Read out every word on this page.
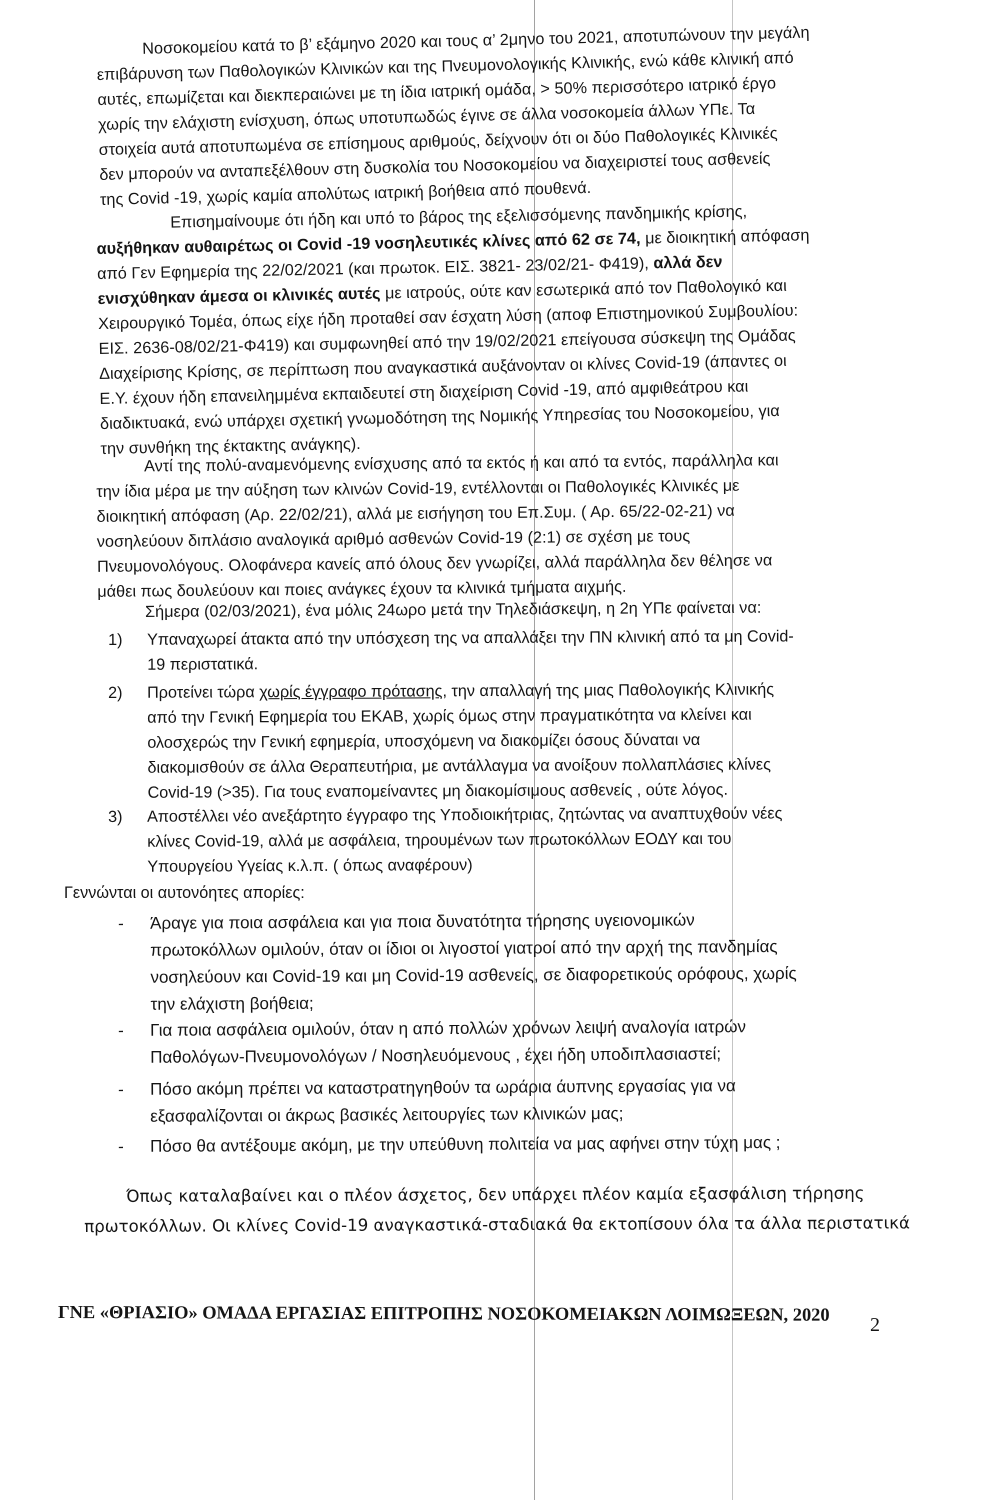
Νοσοκομείου κατά το β’ εξάμηνο 2020 και τους α’ 2μηνο του 2021, αποτυπώνουν την μεγάλη
επιβάρυνση των Παθολογικών Κλινικών και της Πνευμονολογικής Κλινικής, ενώ κάθε κλινική από
αυτές, επωμίζεται και διεκπεραιώνει με τη ίδια ιατρική ομάδα, > 50% περισσότερο ιατρικό έργο
χωρίς την ελάχιστη ενίσχυση, όπως υποτυπωδώς έγινε σε άλλα νοσοκομεία άλλων ΥΠε. Τα
στοιχεία αυτά αποτυπωμένα σε επίσημους αριθμούς, δείχνουν ότι οι δύο Παθολογικές Κλινικές
δεν μπορούν να ανταπεξέλθουν στη δυσκολία του Νοσοκομείου να διαχειριστεί τους ασθενείς
της Covid -19, χωρίς καμία απολύτως ιατρική βοήθεια από πουθενά.
Επισημαίνουμε ότι ήδη και υπό το βάρος της εξελισσόμενης πανδημικής κρίσης,
αυξήθηκαν αυθαιρέτως οι Covid -19 νοσηλευτικές κλίνες από 62 σε 74, με διοικητική απόφαση
από Γεν Εφημερία της 22/02/2021 (και πρωτοκ. ΕΙΣ. 3821- 23/02/21- Φ419), αλλά δεν
ενισχύθηκαν άμεσα οι κλινικές αυτές με ιατρούς, ούτε καν εσωτερικά από τον Παθολογικό και
Χειρουργικό Τομέα, όπως είχε ήδη προταθεί σαν έσχατη λύση (αποφ Επιστημονικού Συμβουλίου:
ΕΙΣ. 2636-08/02/21-Φ419) και συμφωνηθεί από την 19/02/2021 επείγουσα σύσκεψη της Ομάδας
Διαχείρισης Κρίσης, σε περίπτωση που αναγκαστικά αυξάνονταν οι κλίνες Covid-19 (άπαντες οι
Ε.Υ. έχουν ήδη επανειλημμένα εκπαιδευτεί στη διαχείριση Covid -19, από αμφιθεάτρου και
διαδικτυακά, ενώ υπάρχει σχετική γνωμοδότηση της Νομικής Υπηρεσίας του Νοσοκομείου, για
την συνθήκη της έκτακτης ανάγκης).
Αντί της πολύ-αναμενόμενης ενίσχυσης από τα εκτός ή και από τα εντός, παράλληλα και
την ίδια μέρα με την αύξηση των κλινών Covid-19, εντέλλονται οι Παθολογικές Κλινικές με
διοικητική απόφαση (Αρ. 22/02/21), αλλά με εισήγηση του Επ.Συμ. ( Αρ. 65/22-02-21) να
νοσηλεύουν διπλάσιο αναλογικά αριθμό ασθενών Covid-19 (2:1) σε σχέση με τους
Πνευμονολόγους. Ολοφάνερα κανείς από όλους δεν γνωρίζει, αλλά παράλληλα δεν θέλησε να
μάθει πως δουλεύουν και ποιες ανάγκες έχουν τα κλινικά τμήματα αιχμής.
Σήμερα (02/03/2021), ένα μόλις 24ωρο μετά την Τηλεδιάσκεψη, η 2η ΥΠε φαίνεται να:
1)	Υπαναχωρεί άτακτα από την υπόσχεση της να απαλλάξει την ΠΝ κλινική από τα μη Covid-
19 περιστατικά.
2)	Προτείνει τώρα χωρίς έγγραφο πρότασης, την απαλλαγή της μιας Παθολογικής Κλινικής
από την Γενική Εφημερία του ΕΚΑΒ, χωρίς όμως στην πραγματικότητα να κλείνει και
ολοσχερώς την Γενική εφημερία, υποσχόμενη να διακομίζει όσους δύναται να
διακομισθούν σε άλλα Θεραπευτήρια, με αντάλλαγμα να ανοίξουν πολλαπλάσιες κλίνες
Covid-19 (>35). Για τους εναπομείναντες μη διακομίσιμους ασθενείς , ούτε λόγος.
3)	Αποστέλλει νέο ανεξάρτητο έγγραφο της Υποδιοικήτριας, ζητώντας να αναπτυχθούν νέες
κλίνες Covid-19, αλλά με ασφάλεια, τηρουμένων των πρωτοκόλλων ΕΟΔΥ και του
Υπουργείου Υγείας κ.λ.π. ( όπως αναφέρουν)
Γεννώνται οι αυτονόητες απορίες:
- Άραγε για ποια ασφάλεια και για ποια δυνατότητα τήρησης υγειονομικών
πρωτοκόλλων ομιλούν, όταν οι ίδιοι οι λιγοστοί γιατροί από την αρχή της πανδημίας
νοσηλεύουν και Covid-19 και μη Covid-19 ασθενείς, σε διαφορετικούς ορόφους, χωρίς
την ελάχιστη βοήθεια;
- Για ποια ασφάλεια ομιλούν, όταν η από πολλών χρόνων λειψή αναλογία ιατρών
Παθολόγων-Πνευμονολόγων / Νοσηλευόμενους , έχει ήδη υποδιπλασιαστεί;
- Πόσο ακόμη πρέπει να καταστρατηγηθούν τα ωράρια άυπνης εργασίας για να
εξασφαλίζονται οι άκρως βασικές λειτουργίες των κλινικών μας;
- Πόσο θα αντέξουμε ακόμη, με την υπεύθυνη πολιτεία να μας αφήνει στην τύχη μας ;
Όπως καταλαβαίνει και ο πλέον άσχετος, δεν υπάρχει πλέον καμία εξασφάλιση τήρησης
πρωτοκόλλων. Οι κλίνες Covid-19 αναγκαστικά-σταδιακά θα εκτοπίσουν όλα τα άλλα περιστατικά
ΓΝΕ «ΘΡΙΑΣΙΟ» ΟΜΑΔΑ ΕΡΓΑΣΙΑΣ ΕΠΙΤΡΟΠΗΣ ΝΟΣΟΚΟΜΕΙΑΚΩΝ ΛΟΙΜΩΞΕΩΝ, 2020
2
